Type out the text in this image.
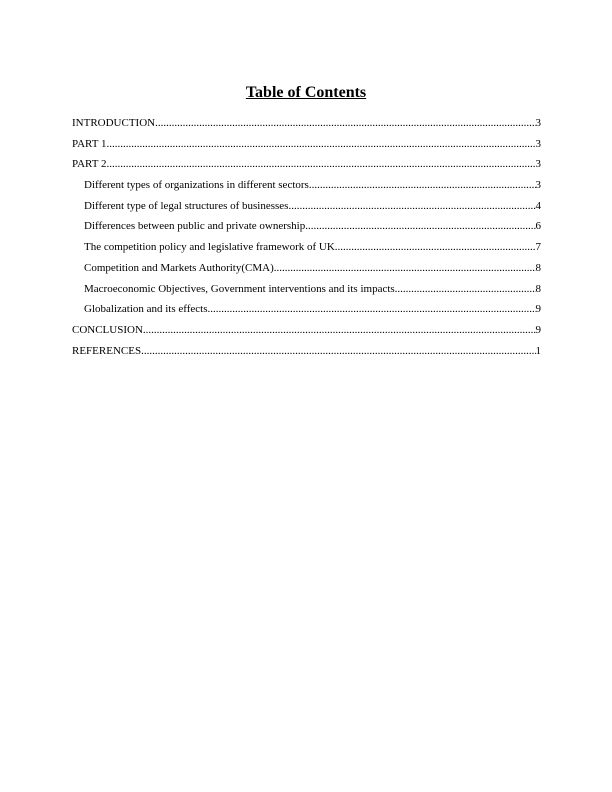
Table of Contents
INTRODUCTION .....	3
PART 1 .....	3
PART 2 .....	3
Different types of organizations in different sectors .....	3
Different type of legal structures of businesses .....	4
Differences between public and private ownership .....	6
The competition policy and legislative framework of UK .....	7
Competition and Markets Authority(CMA) .....	8
Macroeconomic Objectives, Government interventions and its impacts .....	8
Globalization and its effects .....	9
CONCLUSION .....	9
REFERENCES .....	1
